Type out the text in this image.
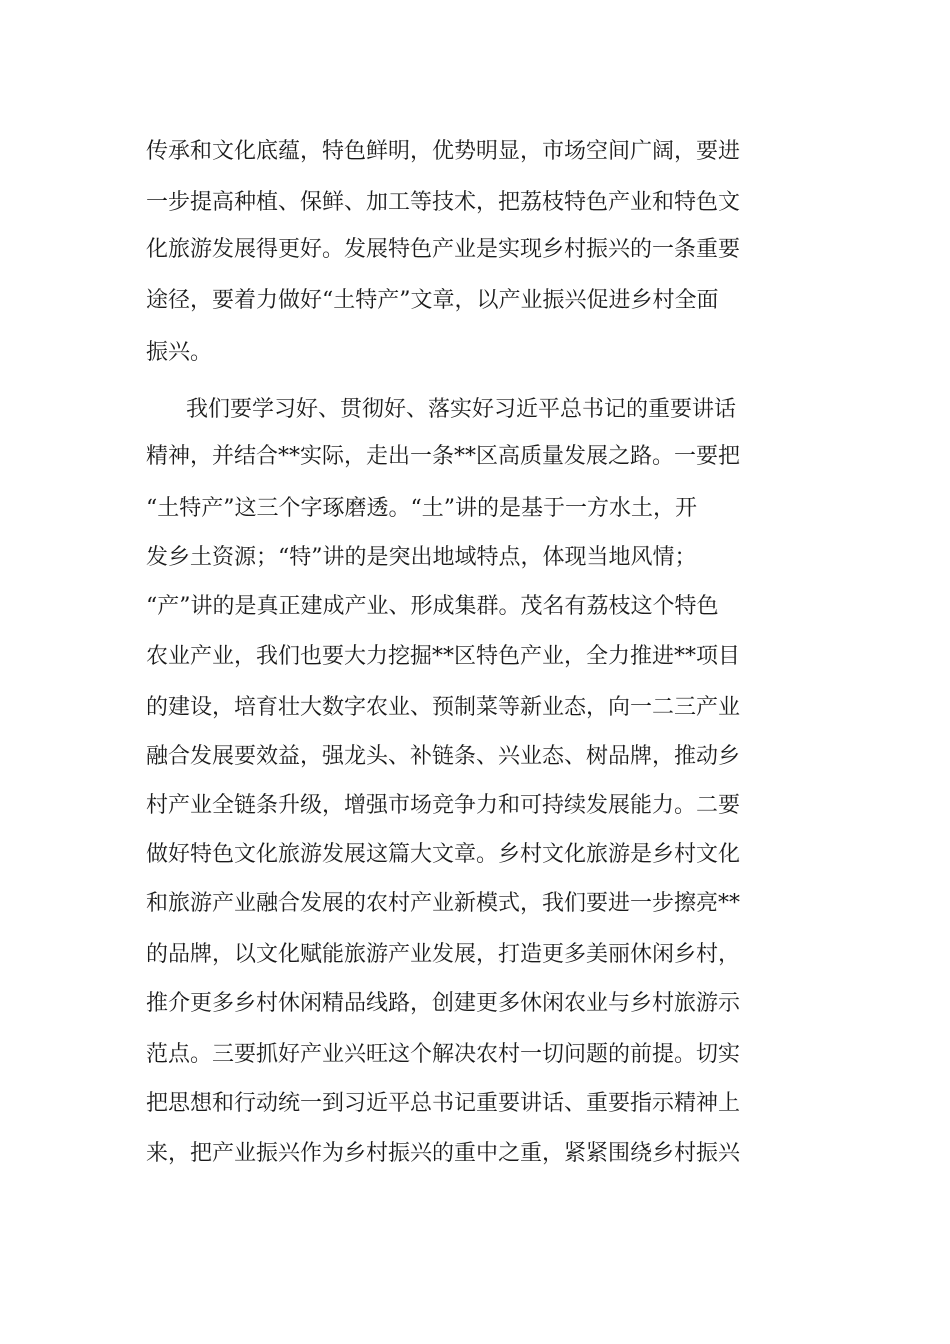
传承和文化底蕴，特色鲜明，优势明显，市场空间广阔，要进
一步提高种植、保鲜、加工等技术，把荔枝特色产业和特色文
化旅游发展得更好。发展特色产业是实现乡村振兴的一条重要
途径，要着力做好“土特产”文章，以产业振兴促进乡村全面
振兴。
我们要学习好、贯彻好、落实好习近平总书记的重要讲话
精神，并结合**实际，走出一条**区高质量发展之路。一要把
“土特产”这三个字琢磨透。“土”讲的是基于一方水土，开
发乡土资源；“特”讲的是突出地域特点，体现当地风情；
“产”讲的是真正建成产业、形成集群。茂名有荔枝这个特色
农业产业，我们也要大力挖掘**区特色产业，全力推进**项目
的建设，培育壮大数字农业、预制菜等新业态，向一二三产业
融合发展要效益，强龙头、补链条、兴业态、树品牌，推动乡
村产业全链条升级，增强市场竞争力和可持续发展能力。二要
做好特色文化旅游发展这篇大文章。乡村文化旅游是乡村文化
和旅游产业融合发展的农村产业新模式，我们要进一步擦亮**
的品牌，以文化赋能旅游产业发展，打造更多美丽休闲乡村，
推介更多乡村休闲精品线路，创建更多休闲农业与乡村旅游示
范点。三要抓好产业兴旺这个解决农村一切问题的前提。切实
把思想和行动统一到习近平总书记重要讲话、重要指示精神上
来，把产业振兴作为乡村振兴的重中之重，紧紧围绕乡村振兴
